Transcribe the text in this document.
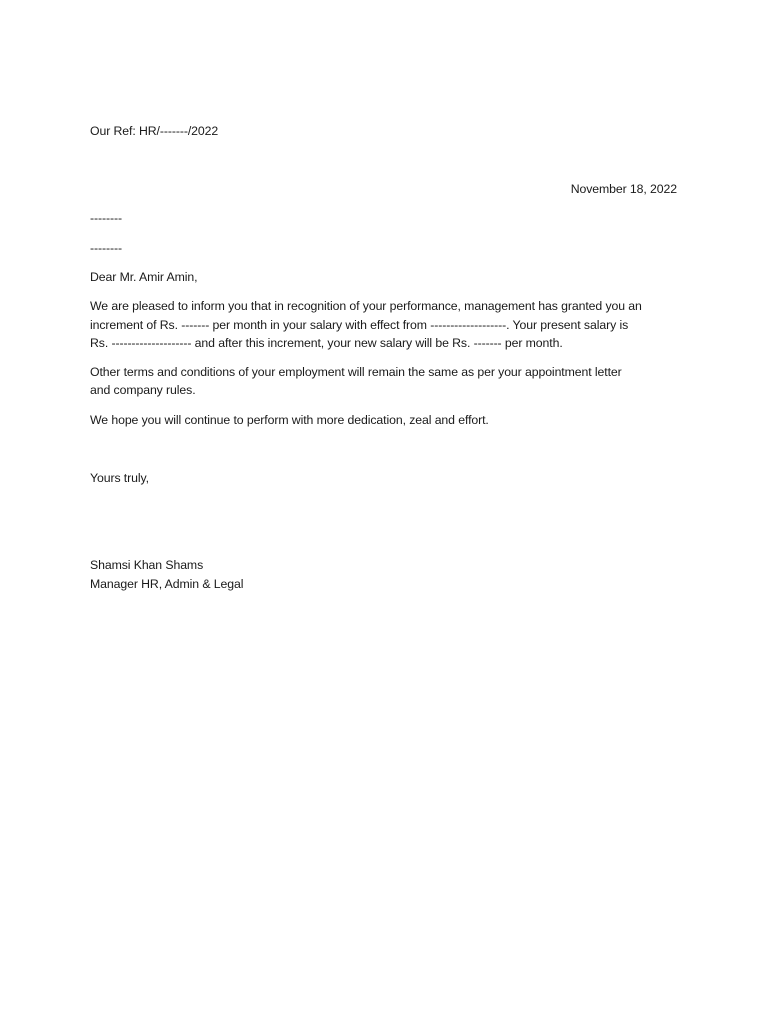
Our Ref: HR/-------/2022
November 18, 2022
--------
--------
Dear Mr. Amir Amin,
We are pleased to inform you that in recognition of your performance, management has granted you an
increment of Rs. ------- per month in your salary with effect from -------------------. Your present salary is
Rs. -------------------- and after this increment, your new salary will be Rs. ------- per month.
Other terms and conditions of your employment will remain the same as per your appointment letter
and company rules.
We hope you will continue to perform with more dedication, zeal and effort.
Yours truly,
Shamsi Khan Shams
Manager HR, Admin & Legal
